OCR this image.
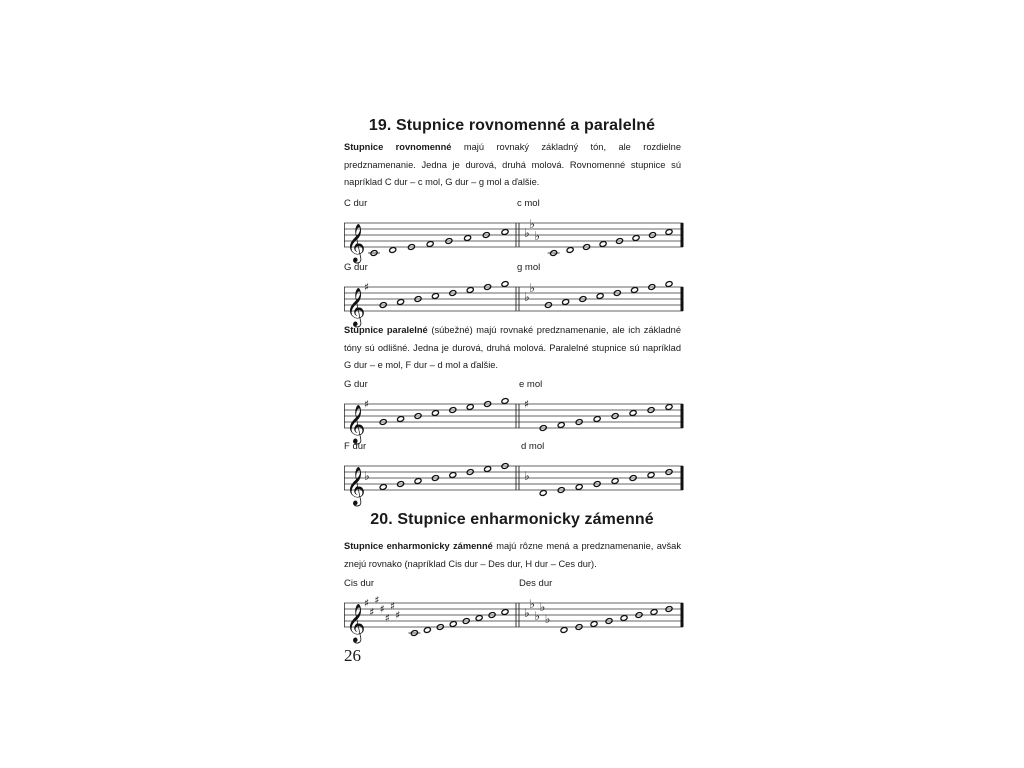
19. Stupnice rovnomenné a paralelné
Stupnice rovnomenné majú rovnaký základný tón, ale rozdielne predznamenanie. Jedna je durová, druhá molová. Rovnomenné stupnice sú napríklad C dur – c mol, G dur – g mol a ďalšie.
C dur	c mol
𝄞	♭
♭
♭
G dur	g mol
𝄞
♯
♭
♭
Stupnice paralelné (súbežné) majú rovnaké predznamenanie, ale ich základné tóny sú odlišné. Jedna je durová, druhá molová. Paralelné stupnice sú napríklad G dur – e mol, F dur – d mol a ďalšie.
G dur	e mol
𝄞
♯	♯
F dur	d mol
𝄞
♭	♭
20. Stupnice enharmonicky zámenné
Stupnice enharmonicky zámenné majú rôzne mená a predznamenanie, avšak znejú rovnako (napríklad Cis dur – Des dur, H dur – Ces dur).
Cis dur	Des dur
𝄞
♯
♯
♯
♯
♯
♯
♯	♭
♭
♭
♭
♭
26
